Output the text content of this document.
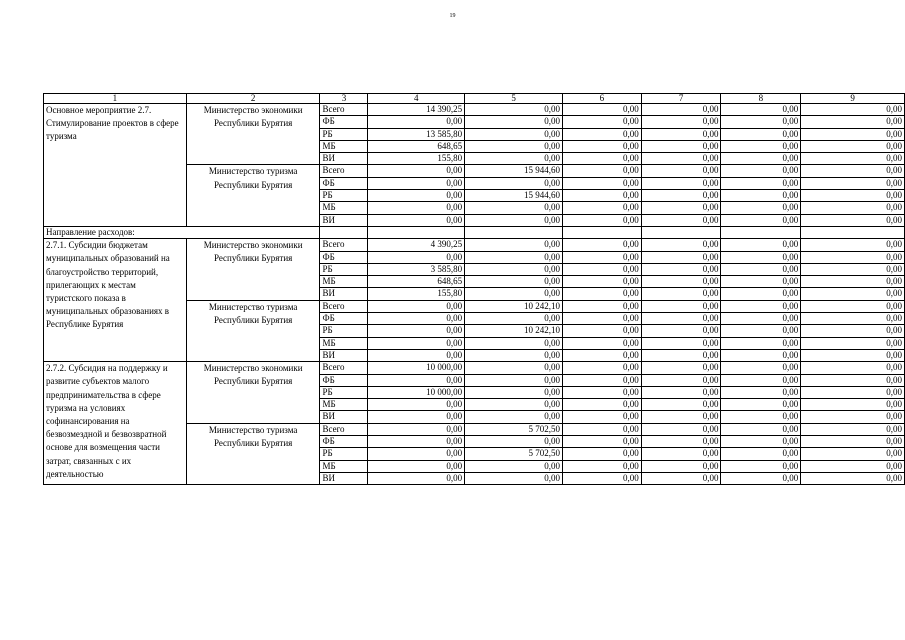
19
1	2	3	4	5	6	7	8	9
Основное мероприятие 2.7. Стимулирование проектов в сфере туризма	Министерство экономики Республики Бурятия	Всего	14 390,25	0,00	0,00	0,00	0,00	0,00
		ФБ	0,00	0,00	0,00	0,00	0,00	0,00
		РБ	13 585,80	0,00	0,00	0,00	0,00	0,00
		МБ	648,65	0,00	0,00	0,00	0,00	0,00
		ВИ	155,80	0,00	0,00	0,00	0,00	0,00
	Министерство туризма Республики Бурятия	Всего	0,00	15 944,60	0,00	0,00	0,00	0,00
		ФБ	0,00	0,00	0,00	0,00	0,00	0,00
		РБ	0,00	15 944,60	0,00	0,00	0,00	0,00
		МБ	0,00	0,00	0,00	0,00	0,00	0,00
		ВИ	0,00	0,00	0,00	0,00	0,00	0,00
Направление расходов:								
2.7.1. Субсидии бюджетам муниципальных образований на благоустройство территорий, прилегающих к местам туристского показа в муниципальных образованиях в Республике Бурятия	Министерство экономики Республики Бурятия	Всего	4 390,25	0,00	0,00	0,00	0,00	0,00
		ФБ	0,00	0,00	0,00	0,00	0,00	0,00
		РБ	3 585,80	0,00	0,00	0,00	0,00	0,00
		МБ	648,65	0,00	0,00	0,00	0,00	0,00
		ВИ	155,80	0,00	0,00	0,00	0,00	0,00
	Министерство туризма Республики Бурятия	Всего	0,00	10 242,10	0,00	0,00	0,00	0,00
		ФБ	0,00	0,00	0,00	0,00	0,00	0,00
		РБ	0,00	10 242,10	0,00	0,00	0,00	0,00
		МБ	0,00	0,00	0,00	0,00	0,00	0,00
		ВИ	0,00	0,00	0,00	0,00	0,00	0,00
2.7.2. Субсидия на поддержку и развитие субъектов малого предпринимательства в сфере туризма на условиях софинансирования на безвозмездной и безвозвратной основе для возмещения части затрат, связанных с их деятельностью	Министерство экономики Республики Бурятия	Всего	10 000,00	0,00	0,00	0,00	0,00	0,00
		ФБ	0,00	0,00	0,00	0,00	0,00	0,00
		РБ	10 000,00	0,00	0,00	0,00	0,00	0,00
		МБ	0,00	0,00	0,00	0,00	0,00	0,00
		ВИ	0,00	0,00	0,00	0,00	0,00	0,00
	Министерство туризма Республики Бурятия	Всего	0,00	5 702,50	0,00	0,00	0,00	0,00
		ФБ	0,00	0,00	0,00	0,00	0,00	0,00
		РБ	0,00	5 702,50	0,00	0,00	0,00	0,00
		МБ	0,00	0,00	0,00	0,00	0,00	0,00
		ВИ	0,00	0,00	0,00	0,00	0,00	0,00
